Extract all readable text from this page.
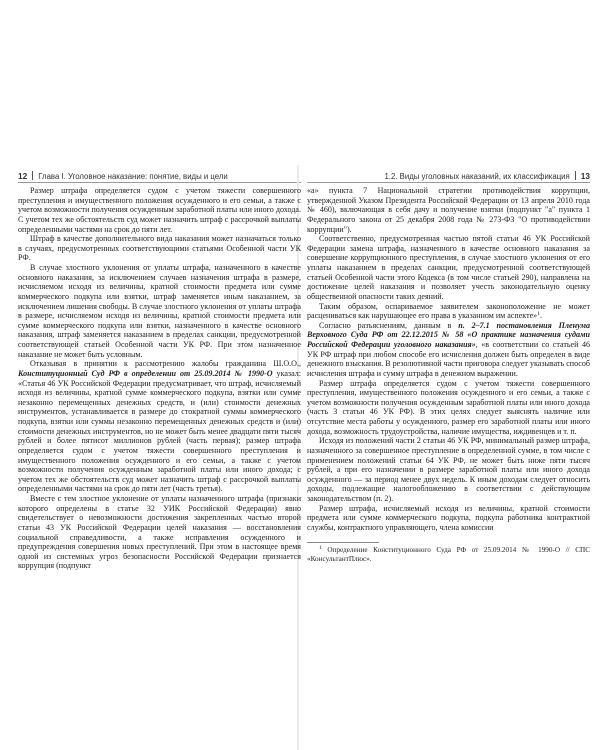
12 Глава I. Уголовное наказание: понятие, виды и цели	1.2. Виды уголовных наказаний, их классификация 13

Размер штрафа определяется судом с учетом тяжести совершенного преступления и имущественного положения осужденного и его семьи, а также с учетом возможности получения осужденным заработной платы или иного дохода. С учетом тех же обстоятельств суд может назначить штраф с рассрочкой выплаты определенными частями на срок до пяти лет.

Штраф в качестве дополнительного вида наказания может назначаться только в случаях, предусмотренных соответствующими статьями Особенной части УК РФ.

В случае злостного уклонения от уплаты штрафа, назначенного в качестве основного наказания, за исключением случаев назначения штрафа в размере, исчисляемом исходя из величины, кратной стоимости предмета или сумме коммерческого подкупа или взятки, штраф заменяется иным наказанием, за исключением лишения свободы. В случае злостного уклонения от уплаты штрафа в размере, исчисляемом исходя из величины, кратной стоимости предмета или сумме коммерческого подкупа или взятки, назначенного в качестве основного наказания, штраф заменяется наказанием в пределах санкции, предусмотренной соответствующей статьей Особенной части УК РФ. При этом назначенное наказание не может быть условным.

Отказывая в принятии к рассмотрению жалобы гражданина Ш.О.О., Конституционный Суд РФ в определении от 25.09.2014 № 1990-О указал: «Статья 46 УК Российской Федерации предусматривает, что штраф, исчисляемый исходя из величины, кратной сумме коммерческого подкупа, взятки или сумме незаконно перемещенных денежных средств, и (или) стоимости денежных инструментов, устанавливается в размере до стократной суммы коммерческого подкупа, взятки или суммы незаконно перемещенных денежных средств и (или) стоимости денежных инструментов, но не может быть менее двадцати пяти тысяч рублей и более пятисот миллионов рублей (часть первая); размер штрафа определяется судом с учетом тяжести совершенного преступления и имущественного положения осужденного и его семьи, а также с учетом возможности получения осужденным заработной платы или иного дохода; с учетом тех же обстоятельств суд может назначить штраф с рассрочкой выплаты определенными частями на срок до пяти лет (часть третья).

Вместе с тем злостное уклонение от уплаты назначенного штрафа (признаки которого определены в статье 32 УИК Российской Федерации) явно свидетельствует о невозможности достижения закрепленных частью второй статьи 43 УК Российской Федерации целей наказания — восстановления социальной справедливости, а также исправления осужденного и предупреждения совершения новых преступлений. При этом в настоящее время одной из системных угроз безопасности Российской Федерации признается коррупция (подпункт

«а» пункта 7 Национальной стратегии противодействия коррупции, утвержденной Указом Президента Российской Федерации от 13 апреля 2010 года № 460), включающая в себя дачу и получение взятки (подпункт "а" пункта 1 Федерального закона от 25 декабря 2008 года № 273-ФЗ "О противодействии коррупции").

Соответственно, предусмотренная частью пятой статьи 46 УК Российской Федерации замена штрафа, назначенного в качестве основного наказания за совершение коррупционного преступления, в случае злостного уклонения от его уплаты наказанием в пределах санкции, предусмотренной соответствующей статьей Особенной части этого Кодекса (в том числе статьей 290), направлена на достижение целей наказания и позволяет учесть законодательную оценку общественной опасности таких деяний.

Таким образом, оспариваемое заявителем законоположение не может расцениваться как нарушающее его права в указанном им аспекте»$^1$.

Согласно разъяснениям, данным в п. 2–7.1 постановления Пленума Верховного Суда РФ от 22.12.2015 № 58 «О практике назначения судами Российской Федерации уголовного наказания», «в соответствии со статьей 46 УК РФ штраф при любом способе его исчисления должен быть определен в виде денежного взыскания. В резолютивной части приговора следует указывать способ исчисления штрафа и сумму штрафа в денежном выражении.

Размер штрафа определяется судом с учетом тяжести совершенного преступления, имущественного положения осужденного и его семьи, а также с учетом возможности получения осужденным заработной платы или иного дохода (часть 3 статьи 46 УК РФ). В этих целях следует выяснять наличие или отсутствие места работы у осужденного, размер его заработной платы или иного дохода, возможность трудоустройства, наличие имущества, иждивенцев и т. п.

Исходя из положений части 2 статьи 46 УК РФ, минимальный размер штрафа, назначенного за совершенное преступление в определенной сумме, в том числе с применением положений статьи 64 УК РФ, не может быть ниже пяти тысяч рублей, а при его назначении в размере заработной платы или иного дохода осужденного — за период менее двух недель. К иным доходам следует относить доходы, подлежащие налогообложению в соответствии с действующим законодательством (п. 2).

Размер штрафа, исчисляемый исходя из величины, кратной стоимости предмета или сумме коммерческого подкупа, подкупа работника контрактной службы, контрактного управляющего, члена комиссии

$^1$ Определение Конституционного Суда РФ от 25.09.2014 № 1990-О // СПС «КонсультантПлюс».
